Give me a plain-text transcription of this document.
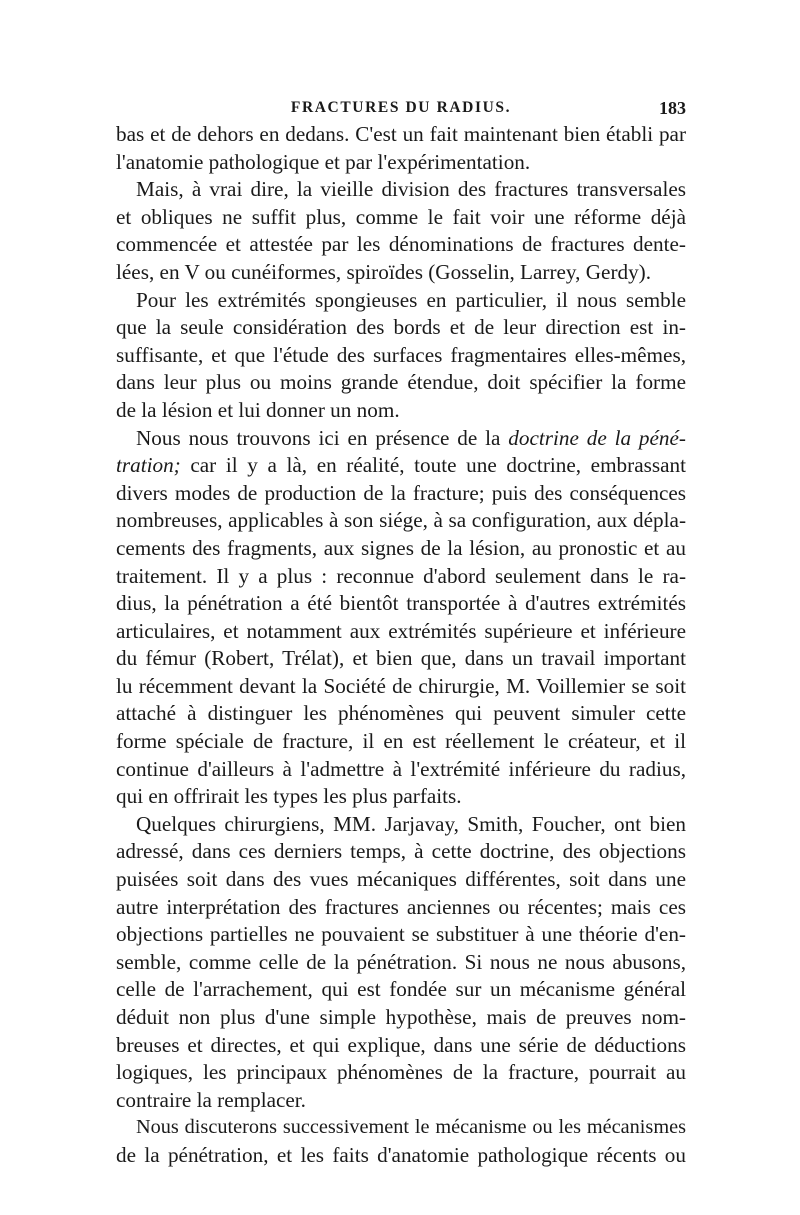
FRACTURES DU RADIUS.	183
bas et de dehors en dedans. C'est un fait maintenant bien établi par
l'anatomie pathologique et par l'expérimentation.
Mais, à vrai dire, la vieille division des fractures transversales
et obliques ne suffit plus, comme le fait voir une réforme déjà
commencée et attestée par les dénominations de fractures dente-
lées, en V ou cunéiformes, spiroïdes (Gosselin, Larrey, Gerdy).
Pour les extrémités spongieuses en particulier, il nous semble
que la seule considération des bords et de leur direction est in-
suffisante, et que l'étude des surfaces fragmentaires elles-mêmes,
dans leur plus ou moins grande étendue, doit spécifier la forme
de la lésion et lui donner un nom.
Nous nous trouvons ici en présence de la doctrine de la péné-
tration; car il y a là, en réalité, toute une doctrine, embrassant
divers modes de production de la fracture; puis des conséquences
nombreuses, applicables à son siége, à sa configuration, aux dépla-
cements des fragments, aux signes de la lésion, au pronostic et au
traitement. Il y a plus : reconnue d'abord seulement dans le ra-
dius, la pénétration a été bientôt transportée à d'autres extrémités
articulaires, et notamment aux extrémités supérieure et inférieure
du fémur (Robert, Trélat), et bien que, dans un travail important
lu récemment devant la Société de chirurgie, M. Voillemier se soit
attaché à distinguer les phénomènes qui peuvent simuler cette
forme spéciale de fracture, il en est réellement le créateur, et il
continue d'ailleurs à l'admettre à l'extrémité inférieure du radius,
qui en offrirait les types les plus parfaits.
Quelques chirurgiens, MM. Jarjavay, Smith, Foucher, ont bien
adressé, dans ces derniers temps, à cette doctrine, des objections
puisées soit dans des vues mécaniques différentes, soit dans une
autre interprétation des fractures anciennes ou récentes; mais ces
objections partielles ne pouvaient se substituer à une théorie d'en-
semble, comme celle de la pénétration. Si nous ne nous abusons,
celle de l'arrachement, qui est fondée sur un mécanisme général
déduit non plus d'une simple hypothèse, mais de preuves nom-
breuses et directes, et qui explique, dans une série de déductions
logiques, les principaux phénomènes de la fracture, pourrait au
contraire la remplacer.
Nous discuterons successivement le mécanisme ou les mécanismes
de la pénétration, et les faits d'anatomie pathologique récents ou
